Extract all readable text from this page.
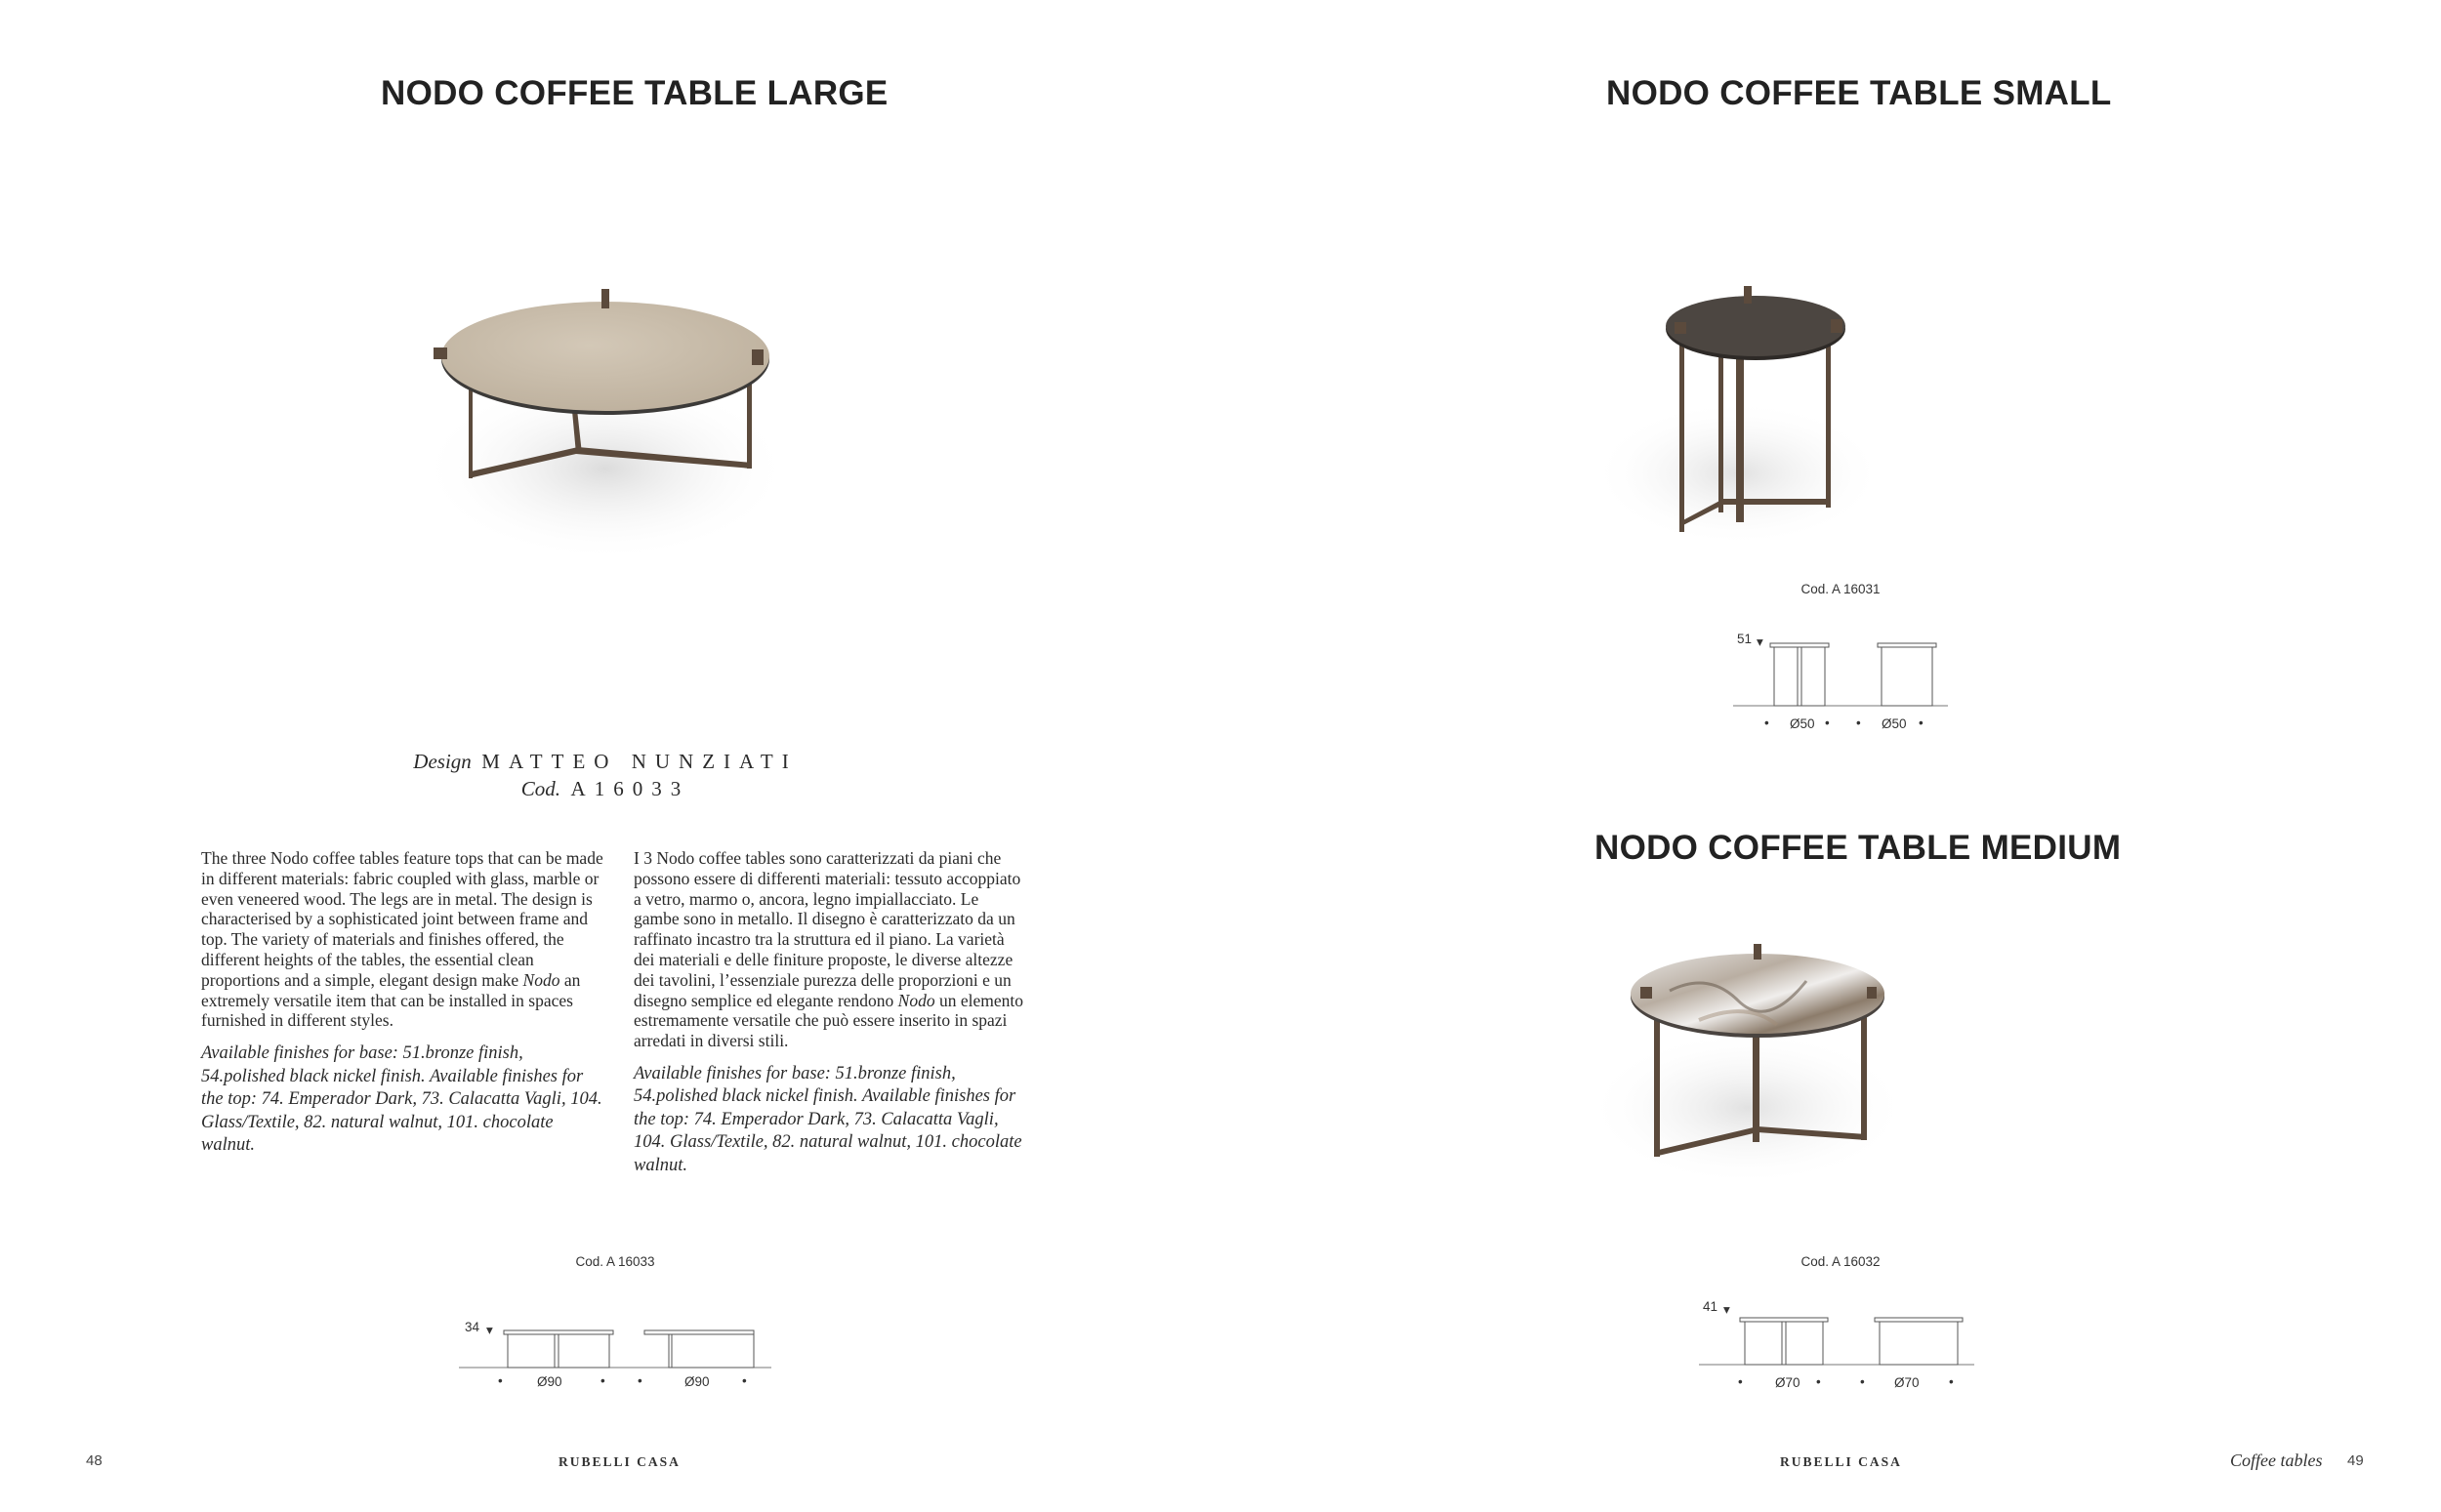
NODO COFFEE TABLE LARGE
Design MATTEO NUNZIATI
Cod. A16033

The three Nodo coffee tables feature tops that can be made in different materials: fabric coupled with glass, marble or even veneered wood. The legs are in metal. The design is characterised by a sophisticated joint between frame and top. The variety of materials and finishes offered, the different heights of the tables, the essential clean proportions and a simple, elegant design make Nodo an extremely versatile item that can be installed in spaces furnished in different styles.

Available finishes for base: 51.bronze finish, 54.polished black nickel finish. Available finishes for the top: 74. Emperador Dark, 73. Calacatta Vagli, 104. Glass/Textile, 82. natural walnut, 101. chocolate walnut.

I 3 Nodo coffee tables sono caratterizzati da piani che possono essere di differenti materiali: tessuto accoppiato a vetro, marmo o, ancora, legno impiallacciato. Le gambe sono in metallo. Il disegno è caratterizzato da un raffinato incastro tra la struttura ed il piano. La varietà dei materiali e delle finiture proposte, le diverse altezze dei tavolini, l’essenziale purezza delle proporzioni e un disegno semplice ed elegante rendono Nodo un elemento estremamente versatile che può essere inserito in spazi arredati in diversi stili.

Available finishes for base: 51.bronze finish, 54.polished black nickel finish. Available finishes for the top: 74. Emperador Dark, 73. Calacatta Vagli, 104. Glass/Textile, 82. natural walnut, 101. chocolate walnut.

Cod. A 16033
34 ▾
•	Ø90	• •	Ø90 •
NODO COFFEE TABLE SMALL
Cod. A 16031
51 ▾
• Ø50 • • Ø50 •
NODO COFFEE TABLE MEDIUM
Cod. A 16032
41 ▾
• Ø70 •	• Ø70 •
48	RUBELLI CASA	RUBELLI CASA	Coffee tables 49
